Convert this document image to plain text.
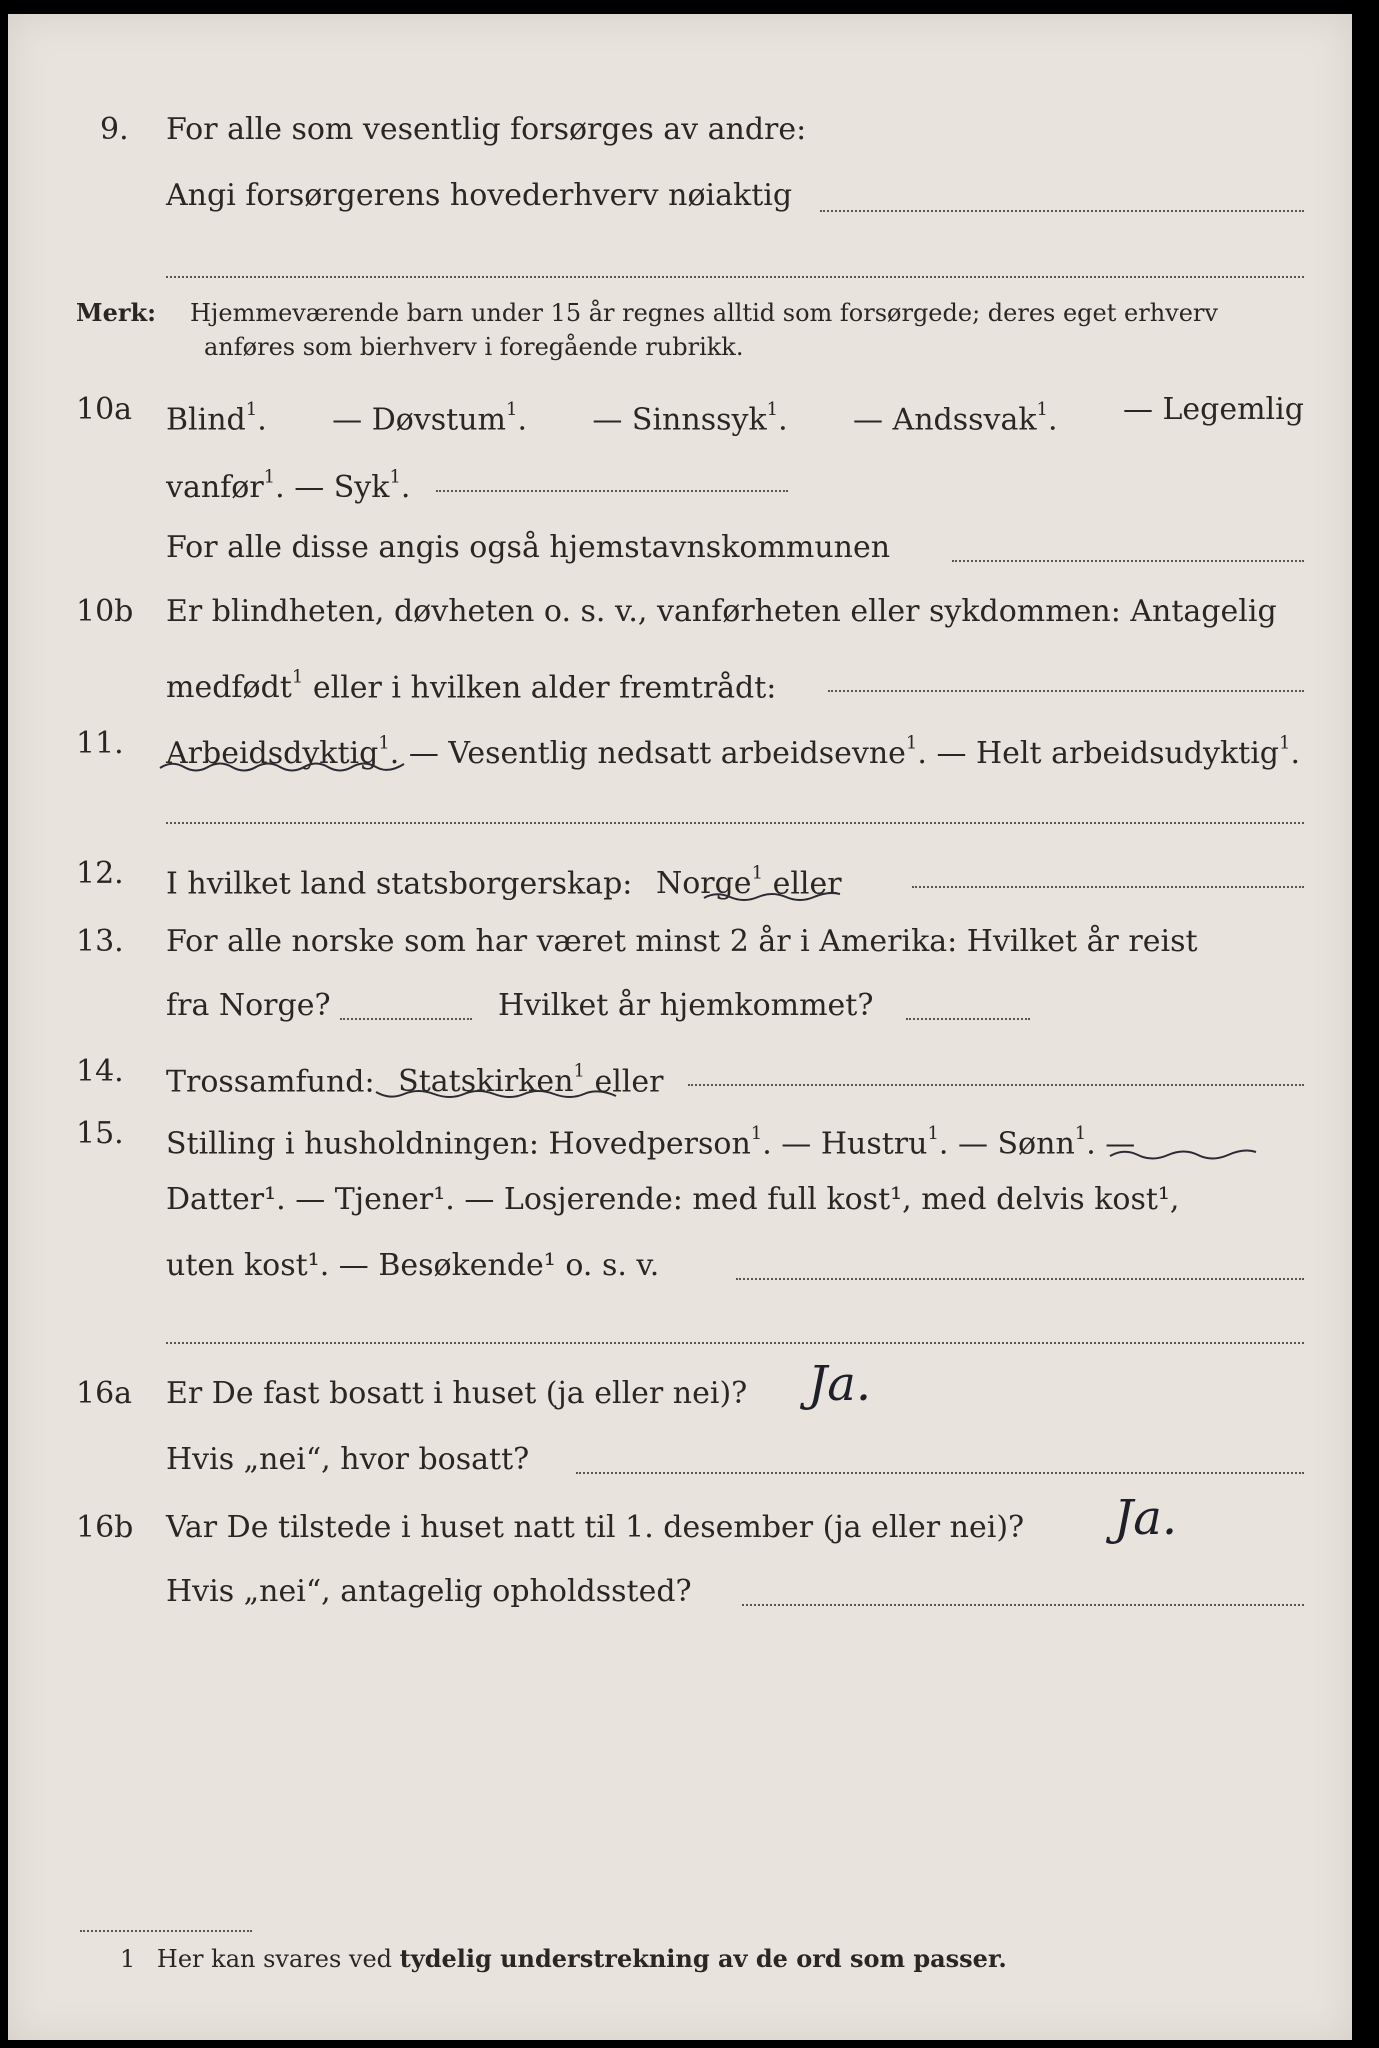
9. For alle som vesentlig forsørges av andre:
Angi forsørgerens hovederhverv nøiaktig
Merk: Hjemmeværende barn under 15 år regnes alltid som forsørgede; deres eget erhverv
anføres som bierhverv i foregående rubrikk.
10a Blind$^1$. — Døvstum$^1$. — Sinnssyk$^1$. — Andssvak$^1$. — Legemlig
vanfør$^1$. — Syk$^1$.
For alle disse angis også hjemstavnskommunen
10b Er blindheten, døvheten o. s. v., vanførheten eller sykdommen: Antagelig
medfødt$^1$ eller i hvilken alder fremtrådt:
11. Arbeidsdyktig$^1$. — Vesentlig nedsatt arbeidsevne$^1$. — Helt arbeidsudyktig$^1$.
12. I hvilket land statsborgerskap: Norge$^1$ eller
13. For alle norske som har været minst 2 år i Amerika: Hvilket år reist
fra Norge?	Hvilket år hjemkommet?
14. Trossamfund: Statskirken$^1$ eller
15. Stilling i husholdningen: Hovedperson$^1$. — Hustru$^1$. — Sønn$^1$. —
Datter¹. — Tjener¹. — Losjerende: med full kost¹, med delvis kost¹,
uten kost¹. — Besøkende¹ o. s. v.
16a Er De fast bosatt i huset (ja eller nei)? Ja.
Hvis „nei“, hvor bosatt?
16b Var De tilstede i huset natt til 1. desember (ja eller nei)? Ja.
Hvis „nei“, antagelig opholdssted?
1 Her kan svares ved tydelig understrekning av de ord som passer.
